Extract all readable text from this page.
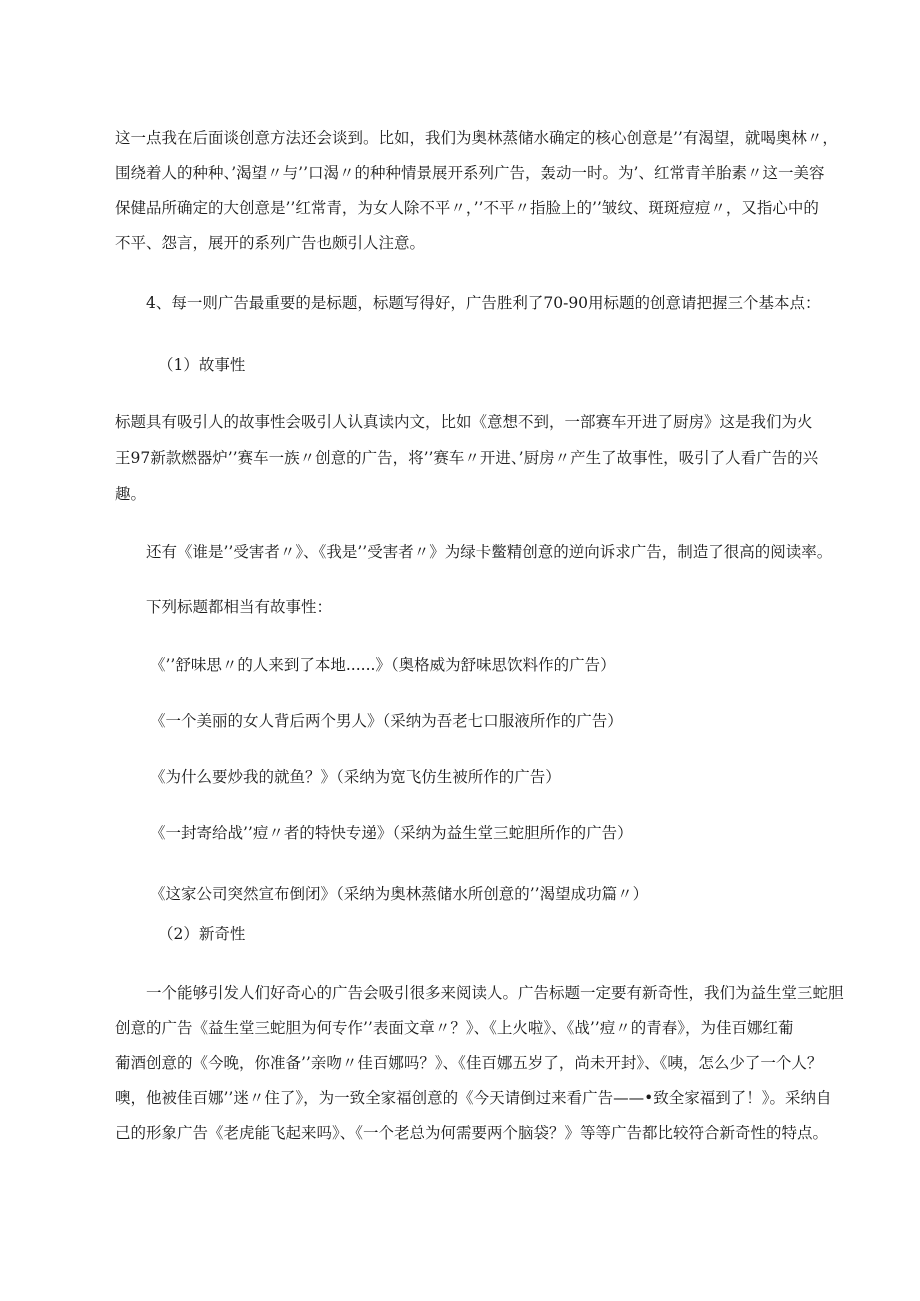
这一点我在后面谈创意方法还会谈到。比如，我们为奥林蒸储水确定的核心创意是’’有渴望，就喝奥林〃，
围绕着人的种种、’渴望〃与’’口渴〃的种种情景展开系列广告，轰动一时。为’、红常青羊胎素〃这一美容
保健品所确定的大创意是’’红常青，为女人除不平〃，’’不平〃指脸上的’’皱纹、斑斑痘痘〃，又指心中的
不平、怨言，展开的系列广告也颇引人注意。
4、每一则广告最重要的是标题，标题写得好，广告胜利了70-90用标题的创意请把握三个基本点：
（1）故事性
标题具有吸引人的故事性会吸引人认真读内文，比如《意想不到，一部赛车开进了厨房》这是我们为火
王97新款燃器炉’’赛车一族〃创意的广告，将’’赛车〃开进、’厨房〃产生了故事性，吸引了人看广告的兴
趣。
还有《谁是’’受害者〃》、《我是’’受害者〃》为绿卡鳖精创意的逆向诉求广告，制造了很高的阅读率。
下列标题都相当有故事性：
《’’舒味思〃的人来到了本地......》（奥格威为舒味思饮料作的广告）
《一个美丽的女人背后两个男人》（采纳为吾老七口服液所作的广告）
《为什么要炒我的就鱼？》（采纳为宽飞仿生被所作的广告）
《一封寄给战’’痘〃者的特快专递》（采纳为益生堂三蛇胆所作的广告）
《这家公司突然宣布倒闭》（采纳为奥林蒸储水所创意的’’渴望成功篇〃）
（2）新奇性
一个能够引发人们好奇心的广告会吸引很多来阅读人。广告标题一定要有新奇性，我们为益生堂三蛇胆
创意的广告《益生堂三蛇胆为何专作’’表面文章〃？》、《上火啦》、《战’’痘〃的青春》，为佳百娜红葡
葡酒创意的《今晚，你准备’’亲吻〃佳百娜吗？》、《佳百娜五岁了，尚未开封》、《咦，怎么少了一个人？
噢，他被佳百娜’’迷〃住了》，为一致全家福创意的《今天请倒过来看广告——•致全家福到了！》。采纳自
己的形象广告《老虎能飞起来吗》、《一个老总为何需要两个脑袋？》等等广告都比较符合新奇性的特点。
